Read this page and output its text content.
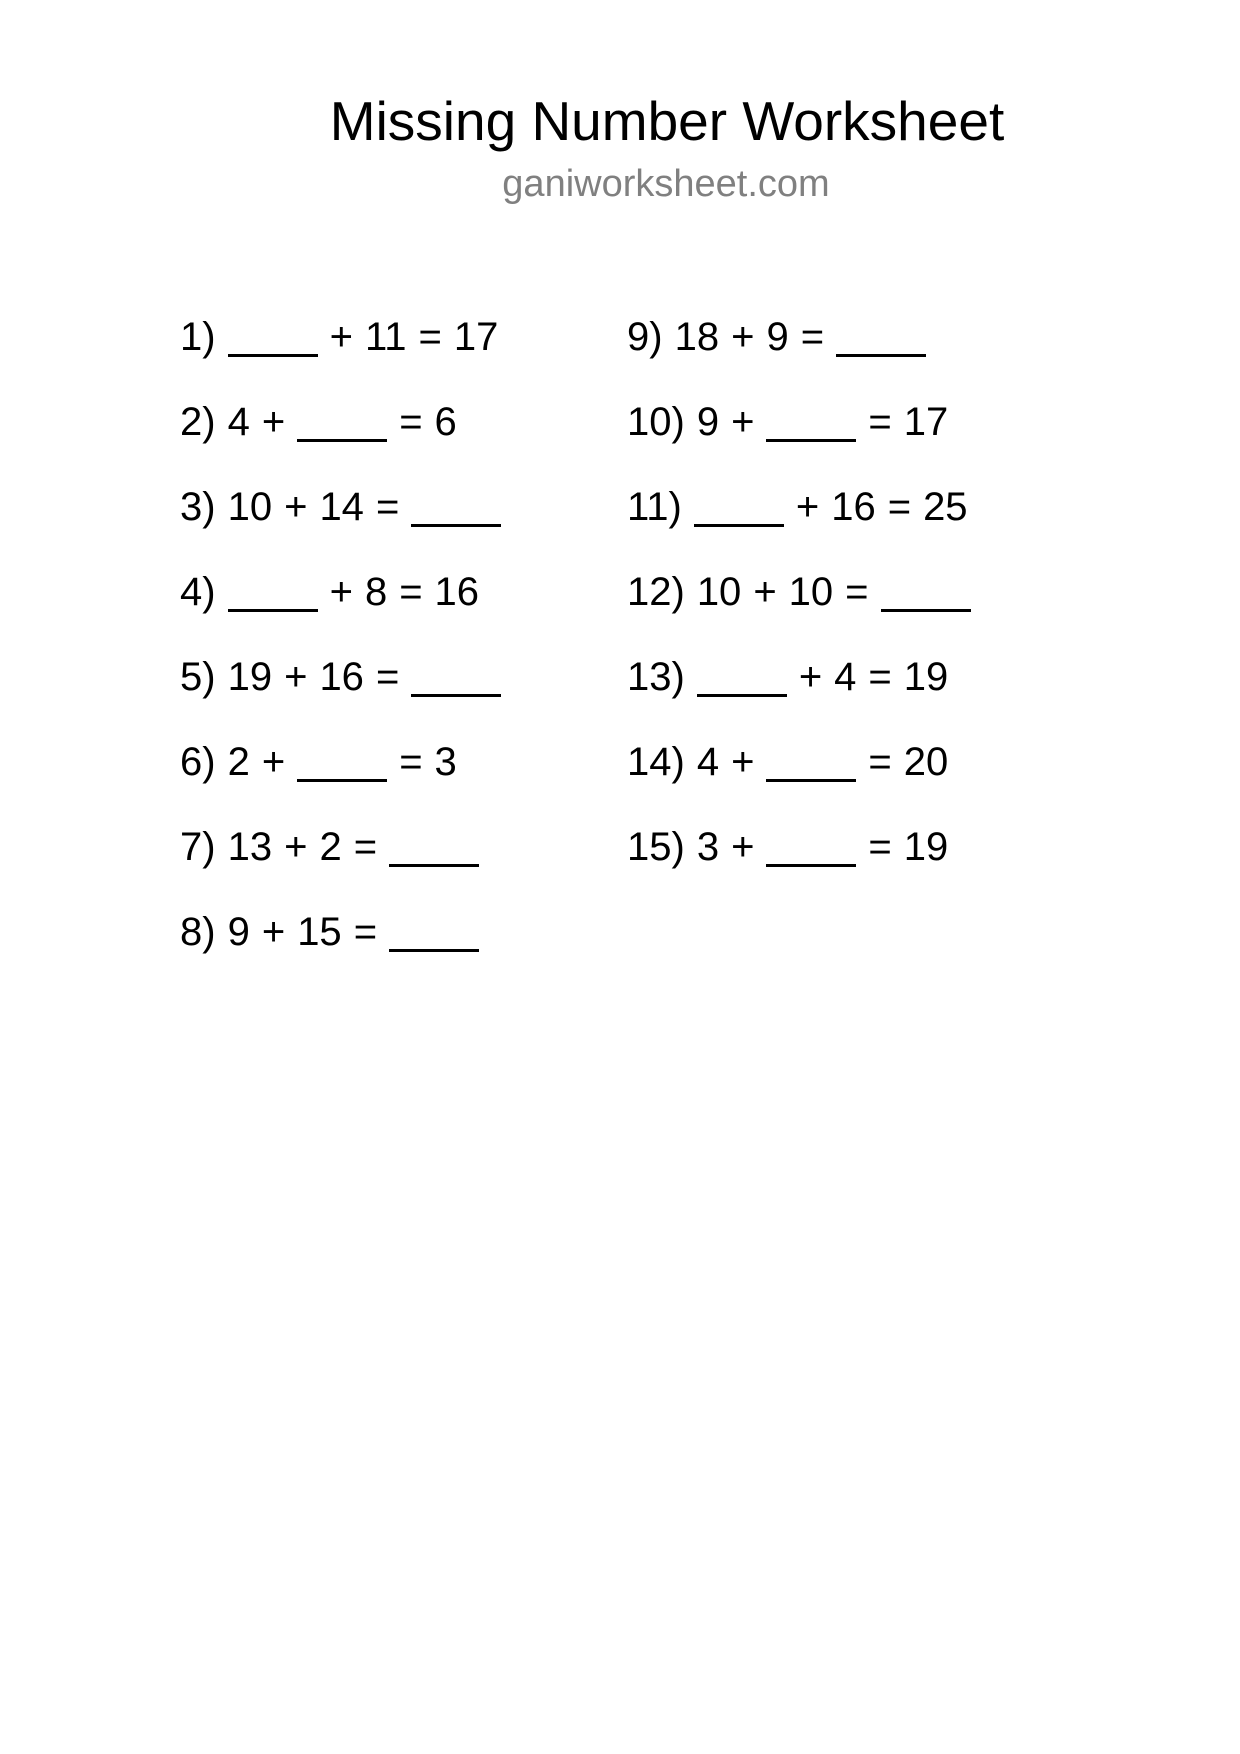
Missing Number Worksheet
ganiworksheet.com
1)	+ 11 = 17
2) 4 +	= 6
3) 10 + 14 =
4)	+ 8 = 16
5) 19 + 16 =
6) 2 +	= 3
7) 13 + 2 =
8) 9 + 15 =
9) 18 + 9 =
10) 9 +	= 17
11)	+ 16 = 25
12) 10 + 10 =
13)	+ 4 = 19
14) 4 +	= 20
15) 3 +	= 19
